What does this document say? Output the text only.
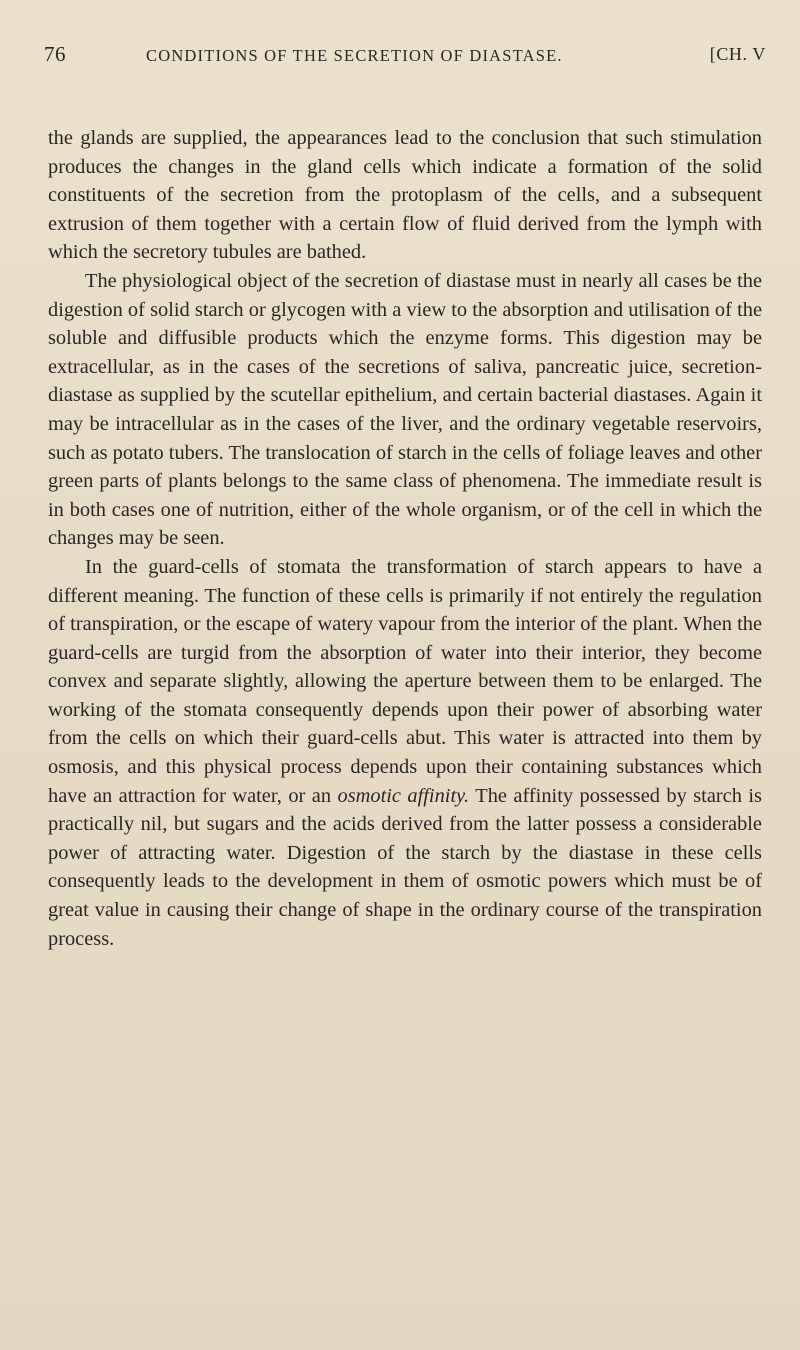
76	CONDITIONS OF THE SECRETION OF DIASTASE.	[CH. V

the glands are supplied, the appearances lead to the conclusion that such stimulation produces the changes in the gland cells which indicate a formation of the solid constituents of the secretion from the protoplasm of the cells, and a subsequent extrusion of them together with a certain flow of fluid derived from the lymph with which the secretory tubules are bathed.

The physiological object of the secretion of diastase must in nearly all cases be the digestion of solid starch or glycogen with a view to the absorption and utilisation of the soluble and diffusible products which the enzyme forms. This digestion may be extracellular, as in the cases of the secretions of saliva, pancreatic juice, secretion-diastase as supplied by the scutellar epithelium, and certain bacterial diastases. Again it may be intracellular as in the cases of the liver, and the ordinary vegetable reservoirs, such as potato tubers. The translocation of starch in the cells of foliage leaves and other green parts of plants belongs to the same class of phenomena. The immediate result is in both cases one of nutrition, either of the whole organism, or of the cell in which the changes may be seen.

In the guard-cells of stomata the transformation of starch appears to have a different meaning. The function of these cells is primarily if not entirely the regulation of transpiration, or the escape of watery vapour from the interior of the plant. When the guard-cells are turgid from the absorption of water into their interior, they become convex and separate slightly, allowing the aperture between them to be enlarged. The working of the stomata consequently depends upon their power of absorbing water from the cells on which their guard-cells abut. This water is attracted into them by osmosis, and this physical process depends upon their containing substances which have an attraction for water, or an osmotic affinity. The affinity possessed by starch is practically nil, but sugars and the acids derived from the latter possess a considerable power of attracting water. Digestion of the starch by the diastase in these cells consequently leads to the development in them of osmotic powers which must be of great value in causing their change of shape in the ordinary course of the transpiration process.
